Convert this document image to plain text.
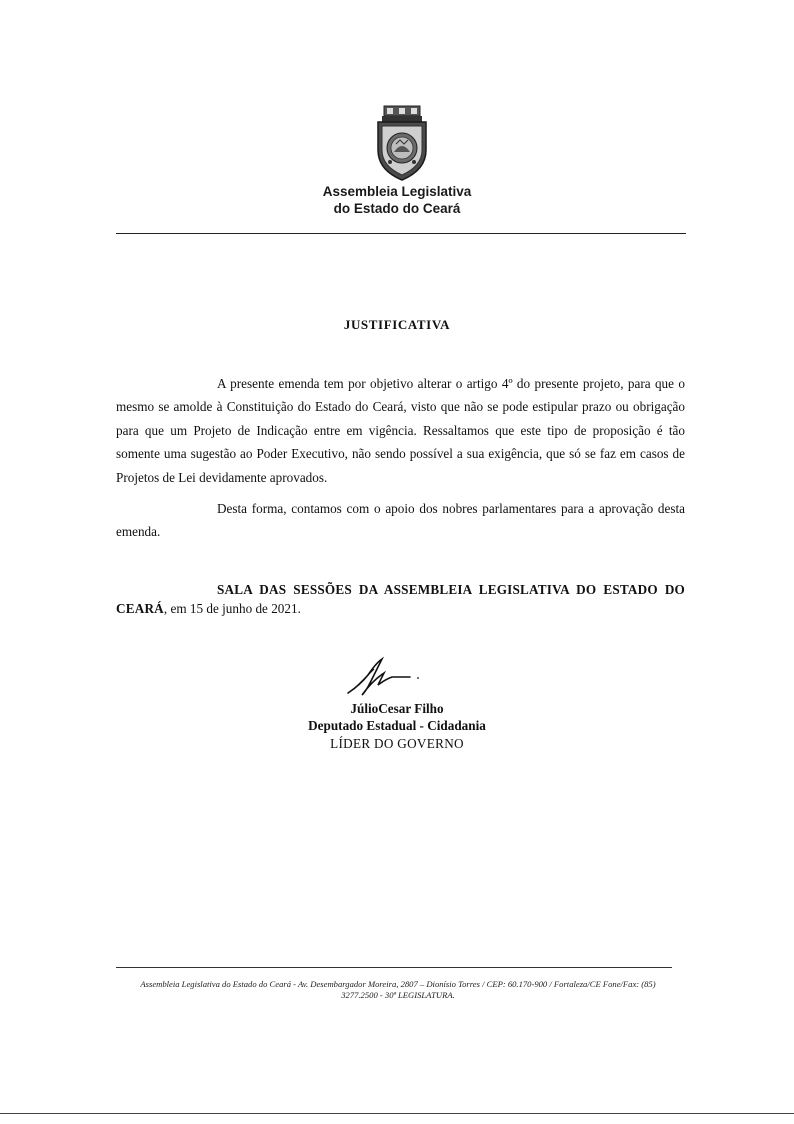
Assembleia Legislativa
do Estado do Ceará
JUSTIFICATIVA
A presente emenda tem por objetivo alterar o artigo 4º do presente projeto, para que o mesmo se amolde à Constituição do Estado do Ceará, visto que não se pode estipular prazo ou obrigação para que um Projeto de Indicação entre em vigência. Ressaltamos que este tipo de proposição é tão somente uma sugestão ao Poder Executivo, não sendo possível a sua exigência, que só se faz em casos de Projetos de Lei devidamente aprovados.
Desta forma, contamos com o apoio dos nobres parlamentares para a aprovação desta emenda.
SALA DAS SESSÕES DA ASSEMBLEIA LEGISLATIVA DO ESTADO DO CEARÁ, em 15 de junho de 2021.
JúlioCesar Filho
Deputado Estadual - Cidadania
LÍDER DO GOVERNO
Assembleia Legislativa do Estado do Ceará - Av. Desembargador Moreira, 2807 – Dionísio Torres / CEP: 60.170-900 / Fortaleza/CE Fone/Fax: (85)
3277.2500 - 30ª LEGISLATURA.
